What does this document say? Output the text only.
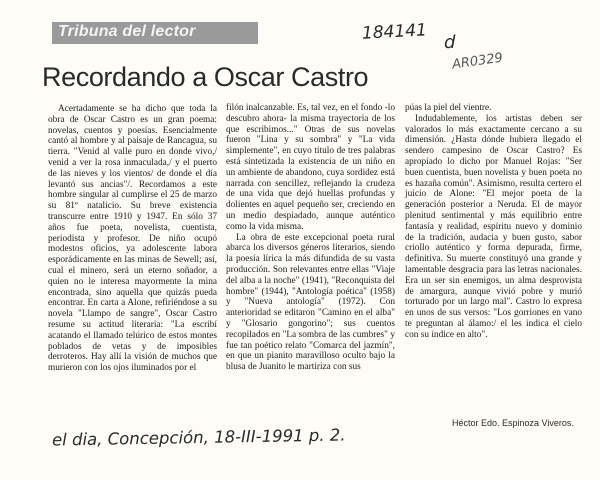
Tribuna del lector	184141 d
AR0329
Recordando a Oscar Castro

Acertadamente se ha dicho que toda la obra de Oscar Castro es un gran poema: novelas, cuentos y poesías. Esencialmente cantó al hombre y al paisaje de Rancagua, su tierra. "Venid al valle puro en donde vivo,/ venid a ver la rosa inmaculada,/ y el puerto de las nieves y los vientos/ de donde el día levantó sus ancias"/. Recordamos a este hombre singular al cumplirse el 25 de marzo su 81º natalicio. Su breve existencia transcurre entre 1910 y 1947. En sólo 37 años fue poeta, novelista, cuentista, periodista y profesor. De niño ocupó modestos oficios, ya adolescente labora esporádicamente en las minas de Sewell; así, cual el minero, será un eterno soñador, a quien no le interesa mayormente la mina encontrada, sino aquella que quizás pueda encontrar. En carta a Alone, refiriéndose a su novela "Llampo de sangre", Oscar Castro resume su actitud literaria: "La escribí acatando el llamado telúrico de estos montes poblados de vetas y de imposibles derroteros. Hay allí la visión de muchos que murieron con los ojos iluminados por el

filón inalcanzable. Es, tal vez, en el fondo -lo descubro ahora- la misma trayectoria de los que escribimos..." Otras de sus novelas fueron "Lina y su sombra" y "La vida simplemente", en cuyo título de tres palabras está sintetizada la existencia de un niño en un ambiente de abandono, cuya sordidez está narrada con sencillez, reflejando la crudeza de una vida que dejó huellas profundas y dolientes en aquel pequeño ser, creciendo en un medio despiadado, aunque auténtico como la vida misma.

La obra de este excepcional poeta rural abarca los diversos géneros literarios, siendo la poesía lírica la más difundida de su vasta producción. Son relevantes entre ellas "Viaje del alba a la noche" (1941), "Reconquista del hombre" (1944), "Antología poética" (1958) y "Nueva antología" (1972). Con anterioridad se editaron "Camino en el alba" y "Glosario gongorino"; sus cuentos recopilados en "La sombra de las cumbres" y fue tan poético relato "Comarca del jazmín", en que un pianito maravilloso oculto bajo la blusa de Juanito le martiriza con sus

púas la piel del vientre.

Indudablemente, los artistas deben ser valorados lo más exactamente cercano a su dimensión. ¿Hasta dónde hubiera llegado el sendero campesino de Oscar Castro? Es apropiado lo dicho por Manuel Rojas: "Ser buen cuentista, buen novelista y buen poeta no es hazaña común". Asimismo, resulta certero el juicio de Alone: "El mejor poeta de la generación posterior a Neruda. El de mayor plenitud sentimental y más equilibrio entre fantasía y realidad, espíritu nuevo y dominio de la tradición, audacia y buen gusto, sabor criollo auténtico y forma depurada, firme, definitiva. Su muerte constituyó una grande y lamentable desgracia para las letras nacionales. Era un ser sin enemigos, un alma desprovista de amargura, aunque vivió pobre y murió torturado por un largo mal". Castro lo expresa en unos de sus versos: "Los gorriones en vano te preguntan al álamo:/ el les indica el cielo con su índice en alto".

Héctor Edo. Espinoza Viveros.
el dia, Concepción, 18-III-1991 p. 2.
